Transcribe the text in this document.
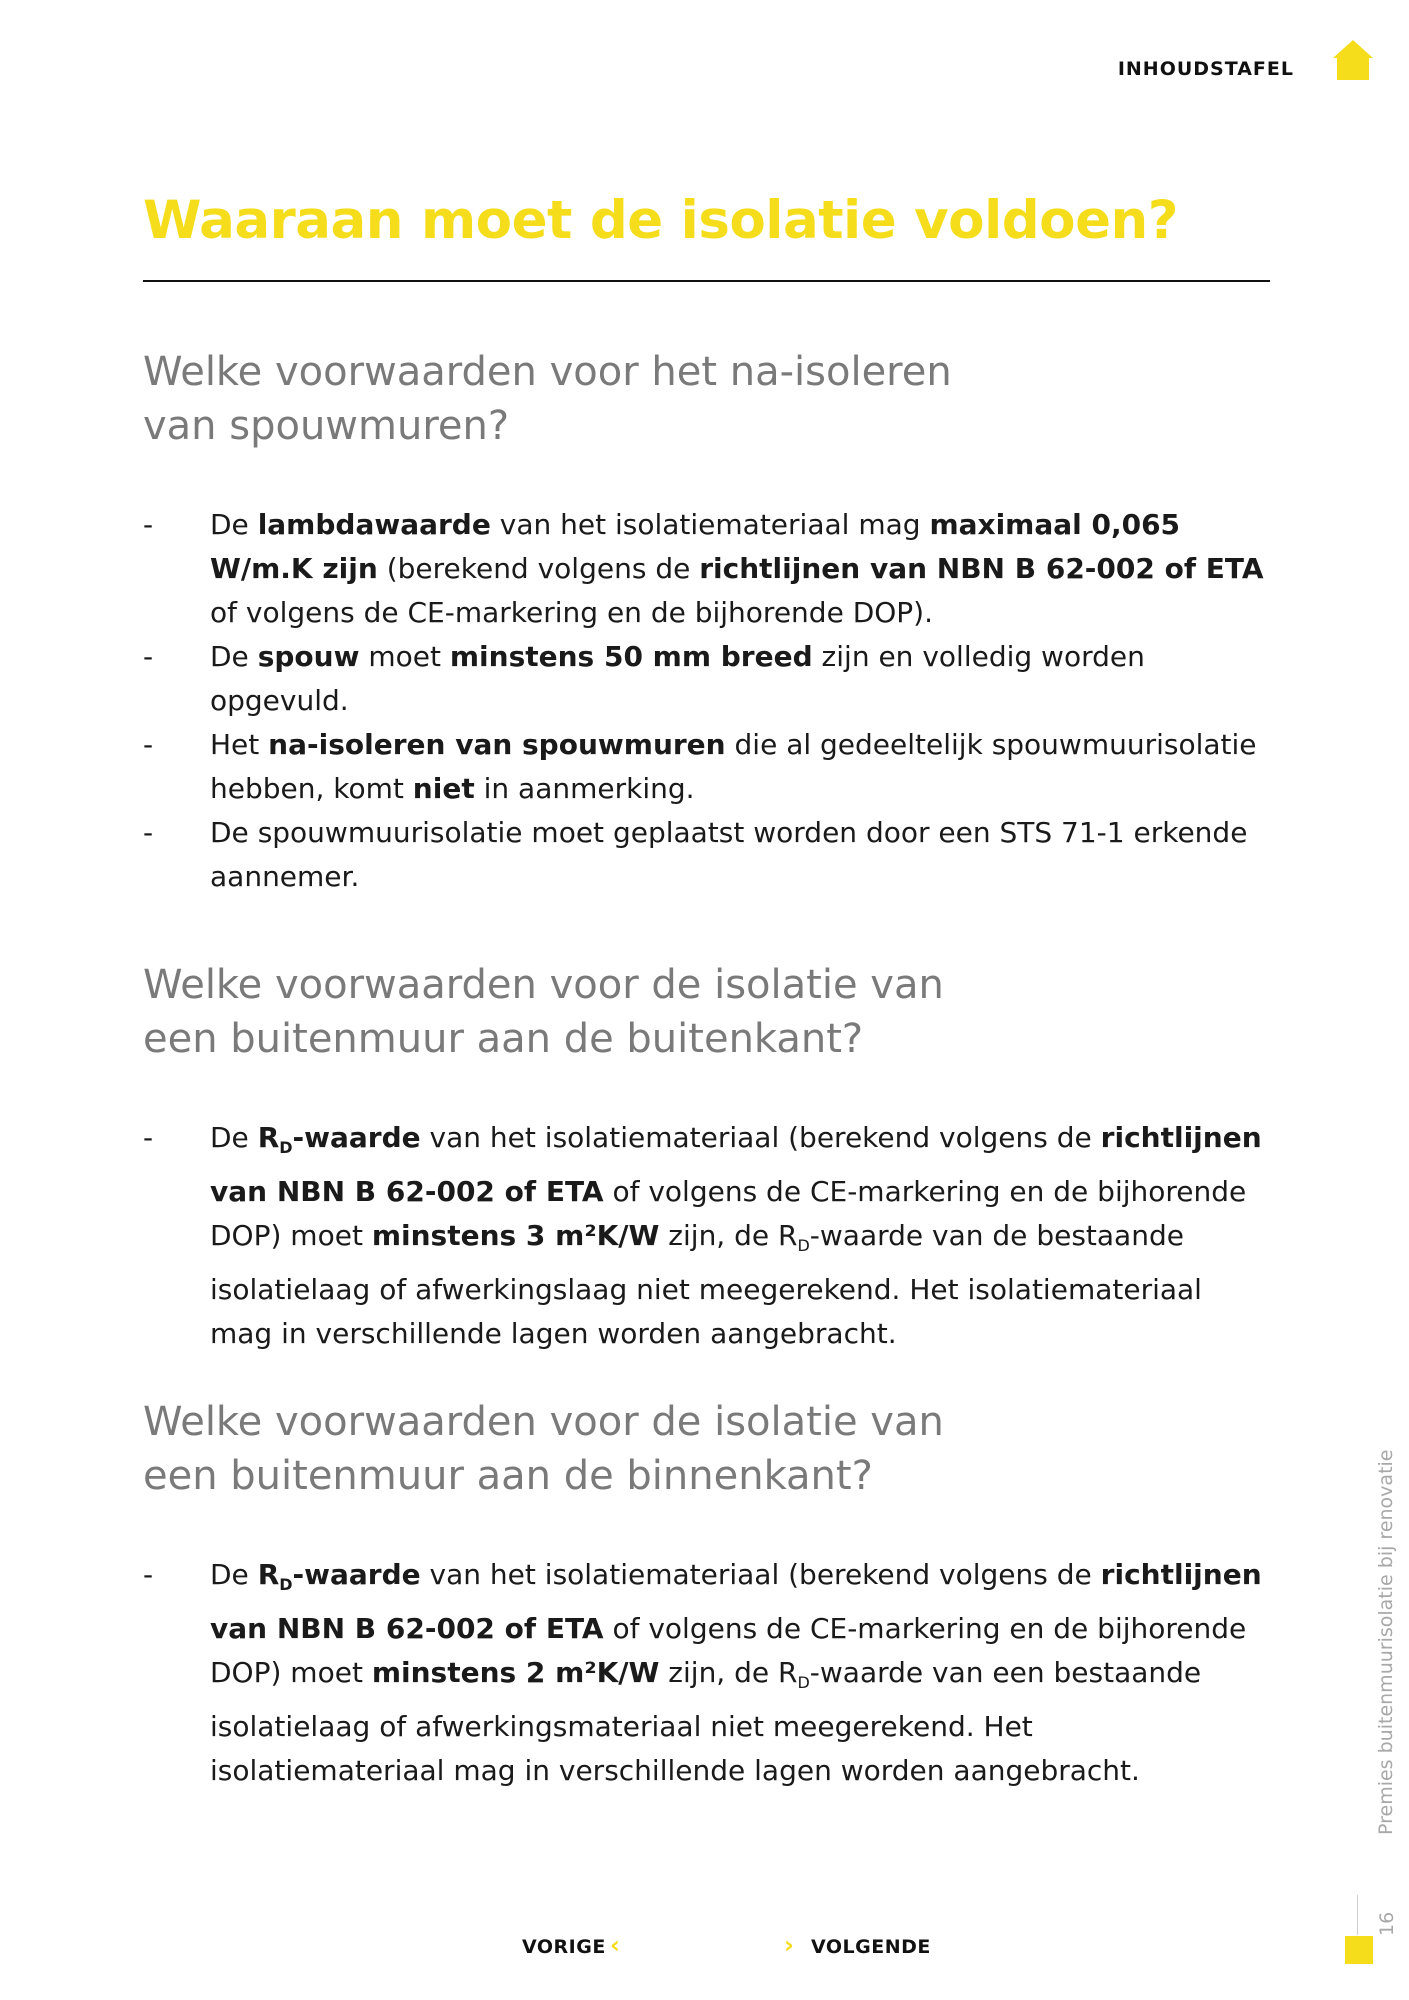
INHOUDSTAFEL
Waaraan moet de isolatie voldoen?
Welke voorwaarden voor het na-isoleren van spouwmuren?
- De lambdawaarde van het isolatiemateriaal mag maximaal 0,065 W/m.K zijn (berekend volgens de richtlijnen van NBN B 62-002 of ETA of volgens de CE-markering en de bijhorende DOP).
- De spouw moet minstens 50 mm breed zijn en volledig worden opgevuld.
- Het na-isoleren van spouwmuren die al gedeeltelijk spouwmuurisolatie hebben, komt niet in aanmerking.
- De spouwmuurisolatie moet geplaatst worden door een STS 71-1 erkende aannemer.
Welke voorwaarden voor de isolatie van een buitenmuur aan de buitenkant?
- De $R_D$-waarde van het isolatiemateriaal (berekend volgens de richtlijnen van NBN B 62-002 of ETA of volgens de CE-markering en de bijhorende DOP) moet minstens 3 m²K/W zijn, de $R_D$-waarde van de bestaande isolatielaag of afwerkingslaag niet meegerekend. Het isolatiemateriaal mag in verschillende lagen worden aangebracht.
Welke voorwaarden voor de isolatie van een buitenmuur aan de binnenkant?
- De $R_D$-waarde van het isolatiemateriaal (berekend volgens de richtlijnen van NBN B 62-002 of ETA of volgens de CE-markering en de bijhorende DOP) moet minstens 2 m²K/W zijn, de $R_D$-waarde van een bestaande isolatielaag of afwerkingsmateriaal niet meegerekend. Het isolatiemateriaal mag in verschillende lagen worden aangebracht.	Premies buitenmuurisolatie bij renovatie
16
VORIGE ‹	› VOLGENDE
